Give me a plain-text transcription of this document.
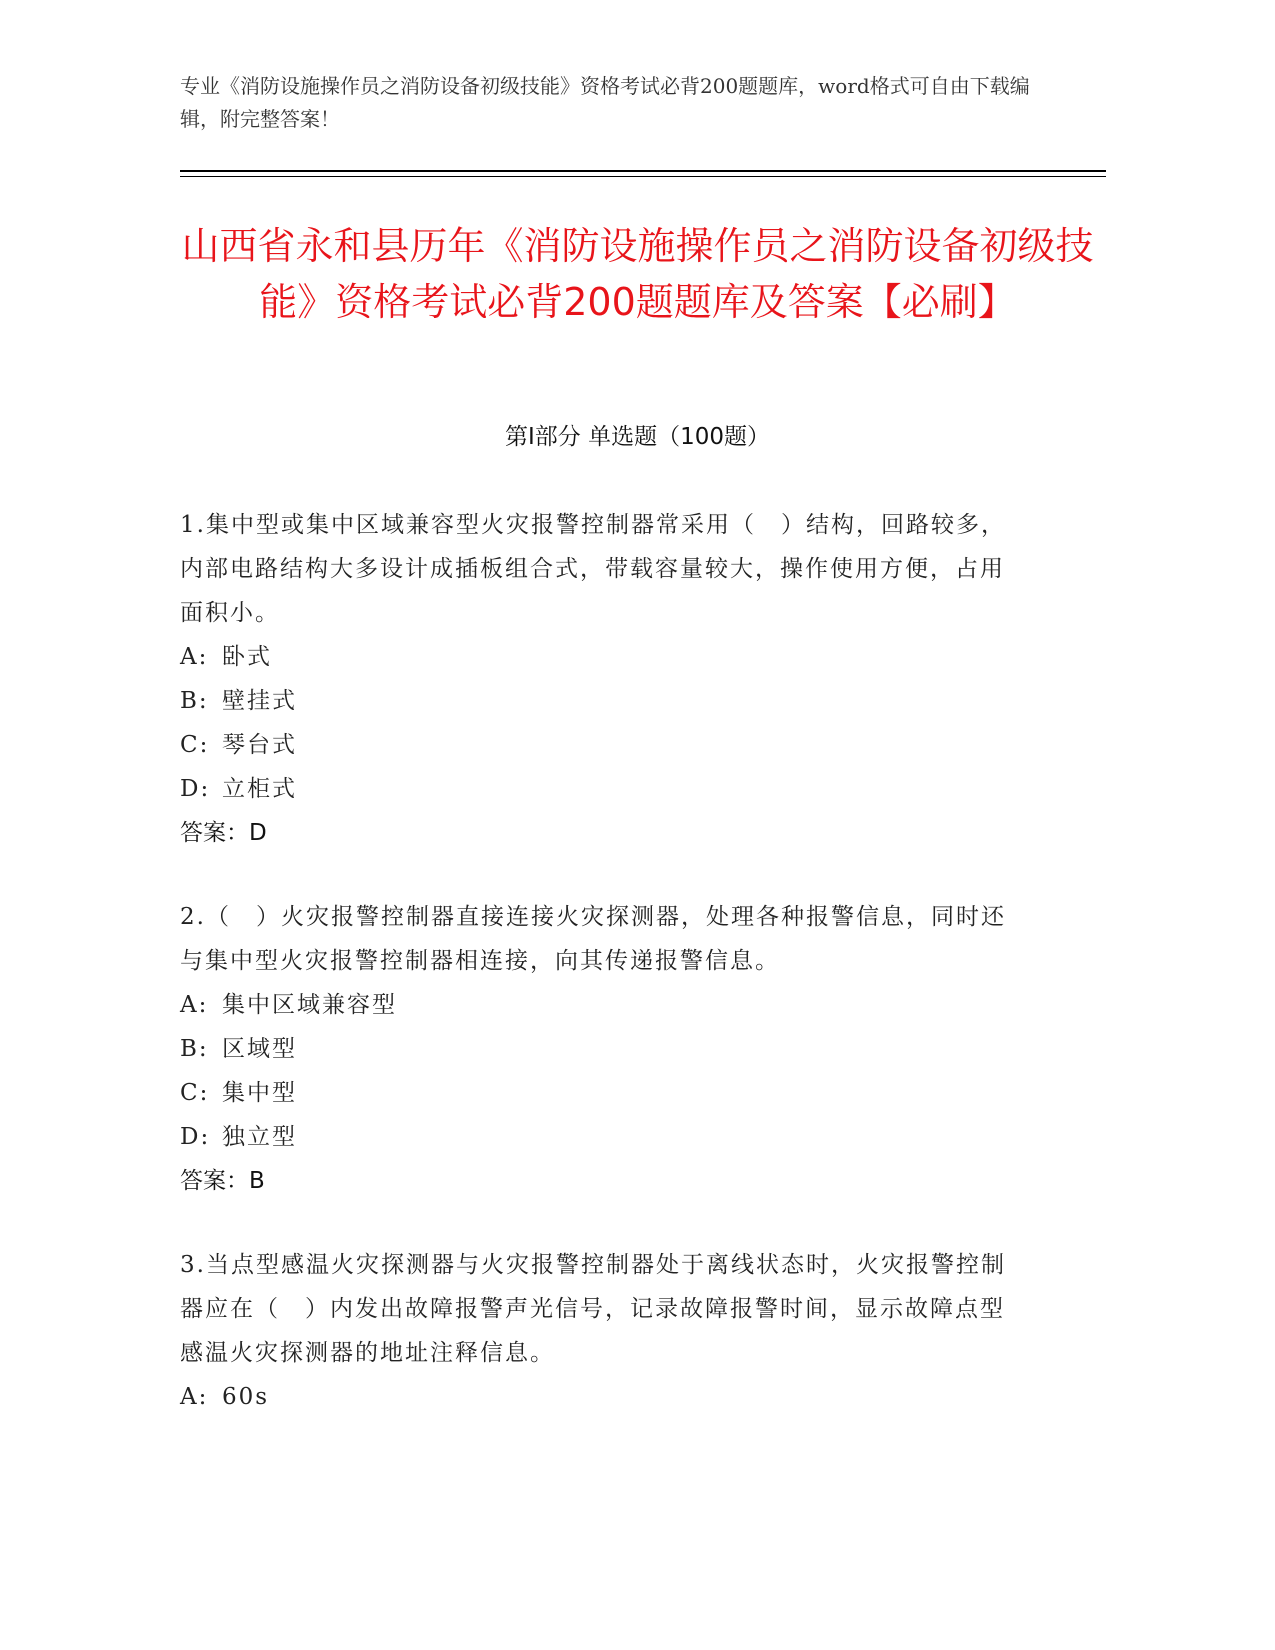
专业《消防设施操作员之消防设备初级技能》资格考试必背200题题库，word格式可自由下载编辑，附完整答案！
山西省永和县历年《消防设施操作员之消防设备初级技能》资格考试必背200题题库及答案【必刷】
第I部分 单选题（100题）

1.集中型或集中区域兼容型火灾报警控制器常采用（　）结构，回路较多，内部电路结构大多设计成插板组合式，带载容量较大，操作使用方便，占用面积小。

A: 卧式

B: 壁挂式

C: 琴台式

D: 立柜式

答案：D

2.（　）火灾报警控制器直接连接火灾探测器，处理各种报警信息，同时还与集中型火灾报警控制器相连接，向其传递报警信息。

A: 集中区域兼容型

B: 区域型

C: 集中型

D: 独立型

答案：B

3.当点型感温火灾探测器与火灾报警控制器处于离线状态时，火灾报警控制器应在（　）内发出故障报警声光信号，记录故障报警时间，显示故障点型感温火灾探测器的地址注释信息。

A: 60s
